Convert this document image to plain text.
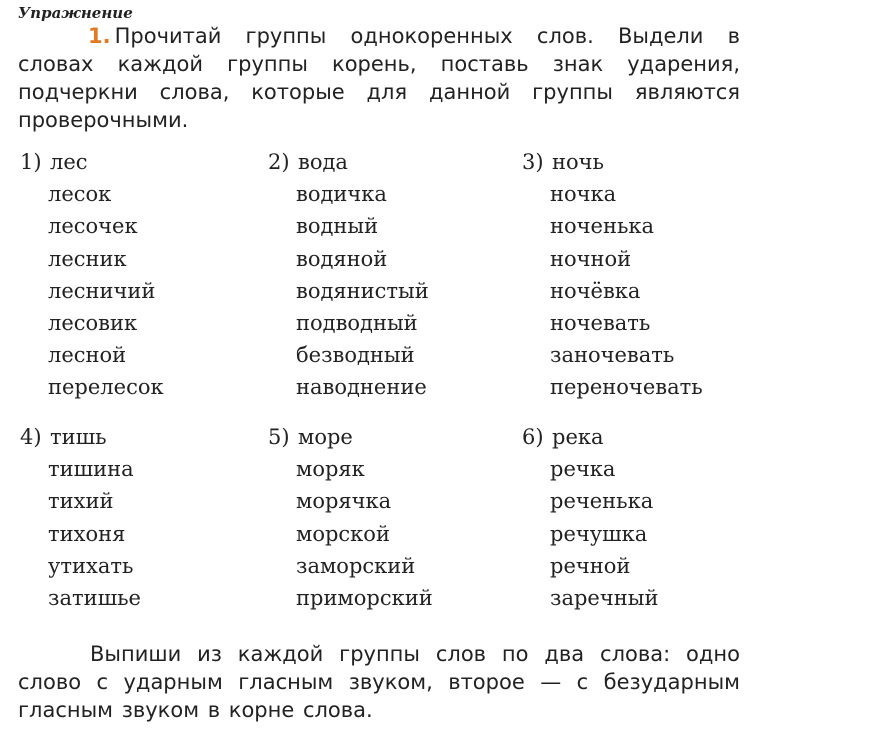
Упражнение
1. Прочитай группы однокоренных слов. Выдели в словах каждой группы корень, поставь знак ударения, подчеркни слова, которые для данной группы являются проверочными.
1) лес
лесок
лесочек
лесник
лесничий
лесовик
лесной
перелесок
2) вода
водичка
водный
водяной
водянистый
подводный
безводный
наводнение
3) ночь
ночка
ноченька
ночной
ночёвка
ночевать
заночевать
переночевать
4) тишь
тишина
тихий
тихоня
утихать
затишье
5) море
моряк
морячка
морской
заморский
приморский
6) река
речка
реченька
речушка
речной
заречный
Выпиши из каждой группы слов по два слова: одно слово с ударным гласным звуком, второе — с безударным гласным звуком в корне слова.
